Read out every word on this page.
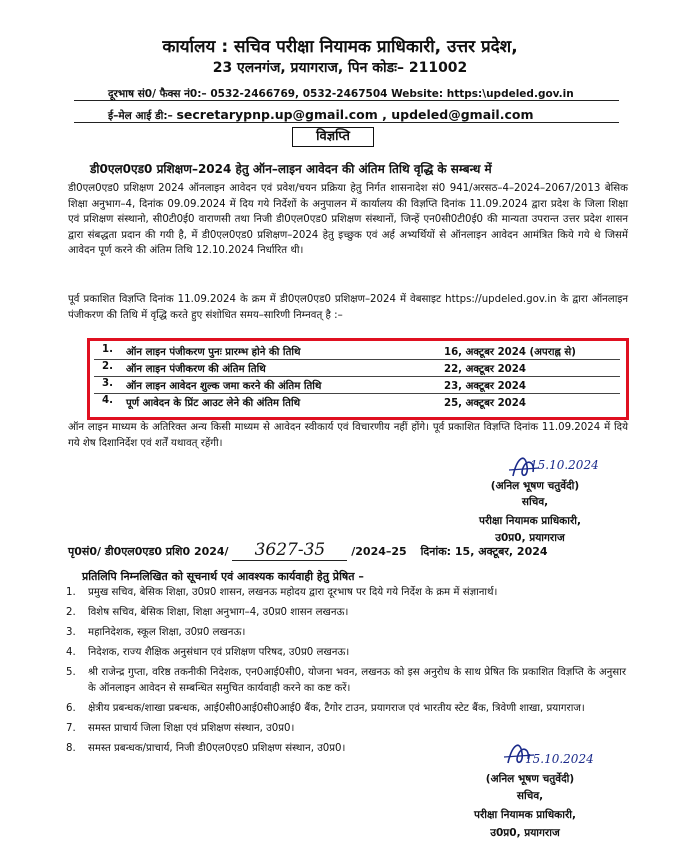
कार्यालय : सचिव परीक्षा नियामक प्राधिकारी, उत्तर प्रदेश,
23 एलनगंज, प्रयागराज, पिन कोडः– 211002
दूरभाष सं0/ फैक्स नं0:– 0532-2466769, 0532-2467504 Website: https:\updeled.gov.in
ई–मेल आई डी:– secretarypnp.up@gmail.com , updeled@gmail.com
विज्ञप्ति
डी0एल0एड0 प्रशिक्षण–2024 हेतु ऑन–लाइन आवेदन की अंतिम तिथि वृद्धि के सम्बन्ध में
डी0एल0एड0 प्रशिक्षण 2024 ऑनलाइन आवेदन एवं प्रवेश/चयन प्रक्रिया हेतु निर्गत शासनादेश सं0 941/अरसठ–4–2024–2067/2013 बेसिक शिक्षा अनुभाग–4, दिनांक 09.09.2024 में दिय गये निर्देशों के अनुपालन में कार्यालय की विज्ञप्ति दिनांक 11.09.2024 द्वारा प्रदेश के जिला शिक्षा एवं प्रशिक्षण संस्थानो, सी0टी0ई0 वाराणसी तथा निजी डी0एल0एड0 प्रशिक्षण संस्थानों, जिन्हें एन0सी0टी0ई0 की मान्यता उपरान्त उत्तर प्रदेश शासन द्वारा संबद्धता प्रदान की गयी है, में डी0एल0एड0 प्रशिक्षण–2024 हेतु इच्छुक एवं अर्ह अभ्यर्थियों से ऑनलाइन आवेदन आमंत्रित किये गये थे जिसमें आवेदन पूर्ण करने की अंतिम तिथि 12.10.2024 निर्धारित थी।
पूर्व प्रकाशित विज्ञप्ति दिनांक 11.09.2024 के क्रम में डी0एल0एड0 प्रशिक्षण–2024 में वेबसाइट https://updeled.gov.in के द्वारा ऑनलाइन पंजीकरण की तिथि में वृद्धि करते हुए संशोधित समय–सारिणी निम्नवत् है :–
1. ऑन लाइन पंजीकरण पुनः प्रारम्भ होने की तिथि	16, अक्टूबर 2024 (अपराह्न से)
2. ऑन लाइन पंजीकरण की अंतिम तिथि	22, अक्टूबर 2024
3. ऑन लाइन आवेदन शुल्क जमा करने की अंतिम तिथि	23, अक्टूबर 2024
4. पूर्ण आवेदन के प्रिंट आउट लेने की अंतिम तिथि	25, अक्टूबर 2024
ऑन लाइन माध्यम के अतिरिक्त अन्य किसी माध्यम से आवेदन स्वीकार्य एवं विचारणीय नहीं होंगे। पूर्व प्रकाशित विज्ञप्ति दिनांक 11.09.2024 में दिये गये शेष दिशानिर्देश एवं शर्तें यथावत् रहेंगी।
15.10.2024
(अनिल भूषण चतुर्वेदी)
सचिव,
परीक्षा नियामक प्राधिकारी,
उ0प्र0, प्रयागराज
पृ0सं0/ डी0एल0एड0 प्रशि0 2024/ 3627-35 /2024–25 दिनांक: 15, अक्टूबर, 2024
प्रतिलिपि निम्नलिखित को सूचनार्थ एवं आवश्यक कार्यवाही हेतु प्रेषित –
1. प्रमुख सचिव, बेसिक शिक्षा, उ0प्र0 शासन, लखनऊ महोदय द्वारा दूरभाष पर दिये गये निर्देश के क्रम में संज्ञानार्थ।
2. विशेष सचिव, बेसिक शिक्षा, शिक्षा अनुभाग–4, उ0प्र0 शासन लखनऊ।
3. महानिदेशक, स्कूल शिक्षा, उ0प्र0 लखनऊ।
4. निदेशक, राज्य शैक्षिक अनुसंधान एवं प्रशिक्षण परिषद, उ0प्र0 लखनऊ।
5. श्री राजेन्द्र गुप्ता, वरिष्ठ तकनीकी निदेशक, एन0आई0सी0, योजना भवन, लखनऊ को इस अनुरोध के साथ प्रेषित कि प्रकाशित विज्ञप्ति के अनुसार के ऑनलाइन आवेदन से सम्बन्धित समुचित कार्यवाही करने का कष्ट करें।
6. क्षेत्रीय प्रबन्धक/शाखा प्रबन्धक, आई0सी0आई0सी0आई0 बैंक, टैगोर टाउन, प्रयागराज एवं भारतीय स्टेट बैंक, त्रिवेणी शाखा, प्रयागराज।
7. समस्त प्राचार्य जिला शिक्षा एवं प्रशिक्षण संस्थान, उ0प्र0।
8. समस्त प्रबन्धक/प्राचार्य, निजी डी0एल0एड0 प्रशिक्षण संस्थान, उ0प्र0।
15.10.2024
(अनिल भूषण चतुर्वेदी)
सचिव,
परीक्षा नियामक प्राधिकारी,
उ0प्र0, प्रयागराज
